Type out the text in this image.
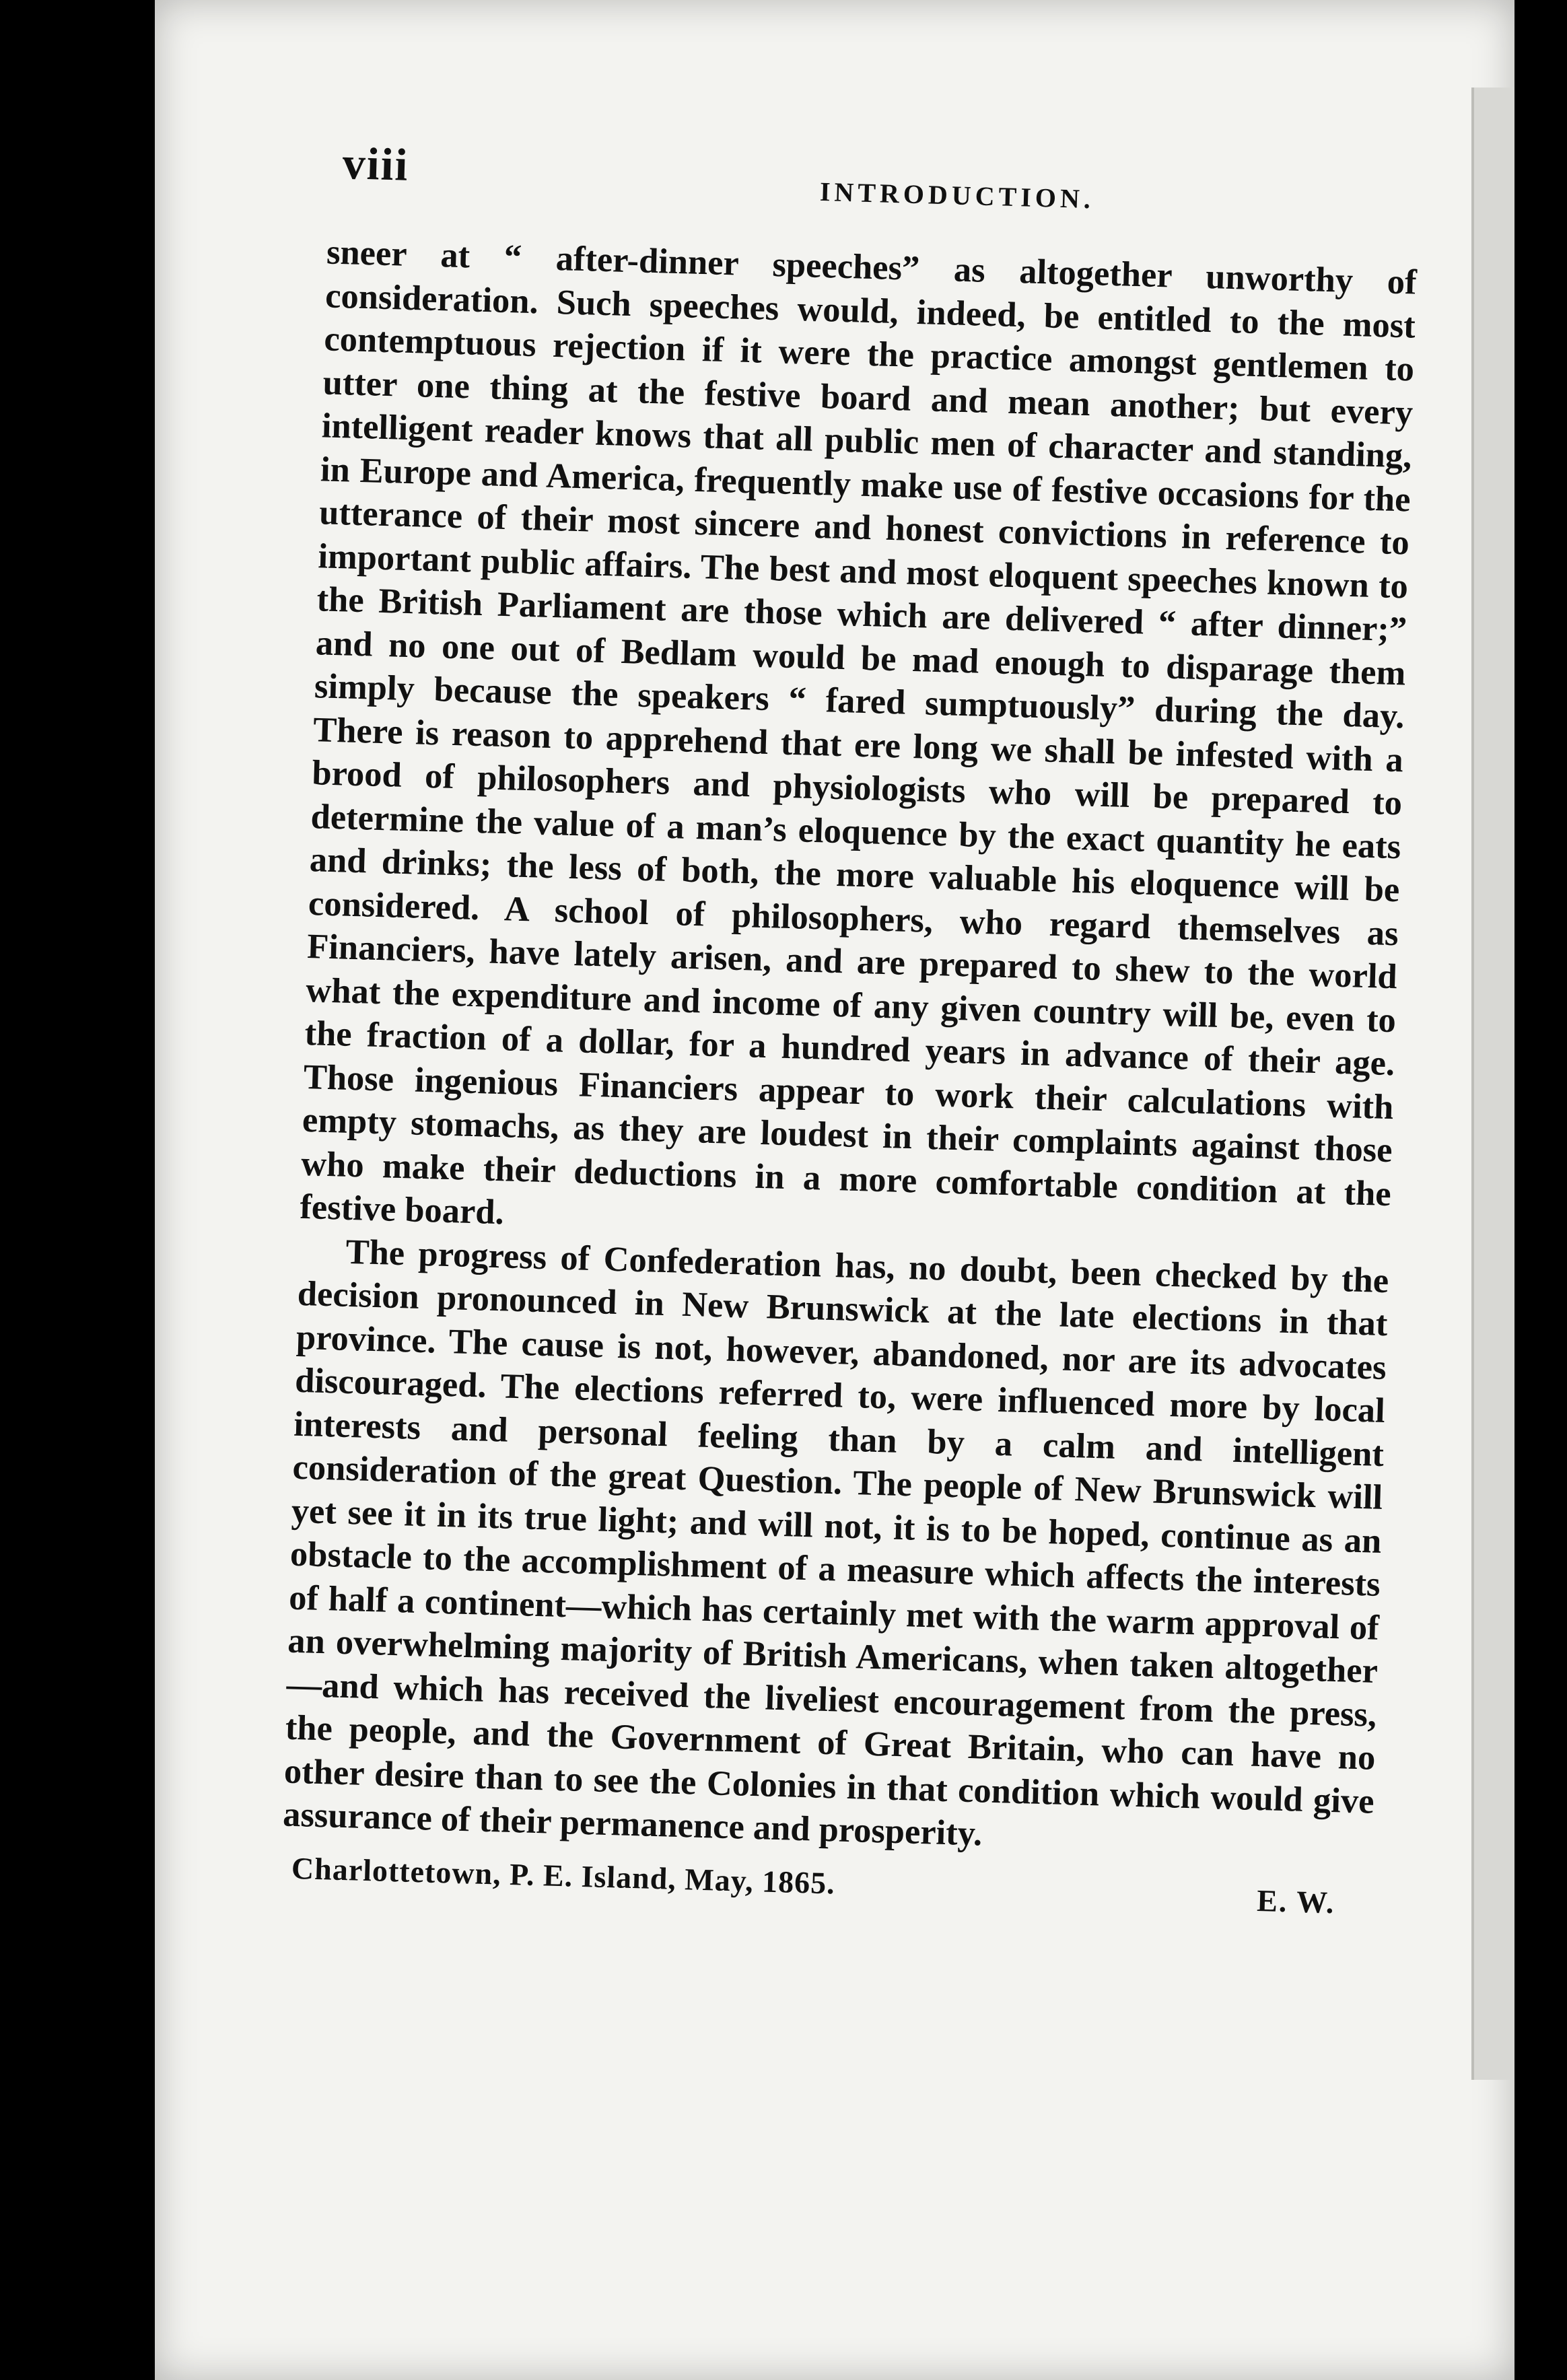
viii
INTRODUCTION.

sneer at “ after-dinner speeches” as altogether unworthy of consideration. Such speeches would, indeed, be entitled to the most contemptuous rejection if it were the practice amongst gentlemen to utter one thing at the festive board and mean another; but every intelligent reader knows that all public men of character and standing, in Europe and America, frequently make use of festive occasions for the utterance of their most sincere and honest convictions in reference to important public affairs. The best and most eloquent speeches known to the British Parliament are those which are delivered “ after dinner;” and no one out of Bedlam would be mad enough to disparage them simply because the speakers “ fared sumptuously” during the day. There is reason to apprehend that ere long we shall be infested with a brood of philosophers and physiologists who will be prepared to determine the value of a man’s eloquence by the exact quantity he eats and drinks; the less of both, the more valuable his eloquence will be considered. A school of philosophers, who regard themselves as Financiers, have lately arisen, and are prepared to shew to the world what the expenditure and income of any given country will be, even to the fraction of a dollar, for a hundred years in advance of their age. Those ingenious Financiers appear to work their calculations with empty stomachs, as they are loudest in their complaints against those who make their deductions in a more comfortable condition at the festive board.

The progress of Confederation has, no doubt, been checked by the decision pronounced in New Brunswick at the late elections in that province. The cause is not, however, abandoned, nor are its advocates discouraged. The elections referred to, were influenced more by local interests and personal feeling than by a calm and intelligent consideration of the great Question. The people of New Brunswick will yet see it in its true light; and will not, it is to be hoped, continue as an obstacle to the accomplishment of a measure which affects the interests of half a continent—which has certainly met with the warm approval of an overwhelming majority of British Americans, when taken altogether—and which has received the liveliest encouragement from the press, the people, and the Government of Great Britain, who can have no other desire than to see the Colonies in that condition which would give assurance of their permanence and prosperity.

Charlottetown, P. E. Island, May, 1865.
E. W.
